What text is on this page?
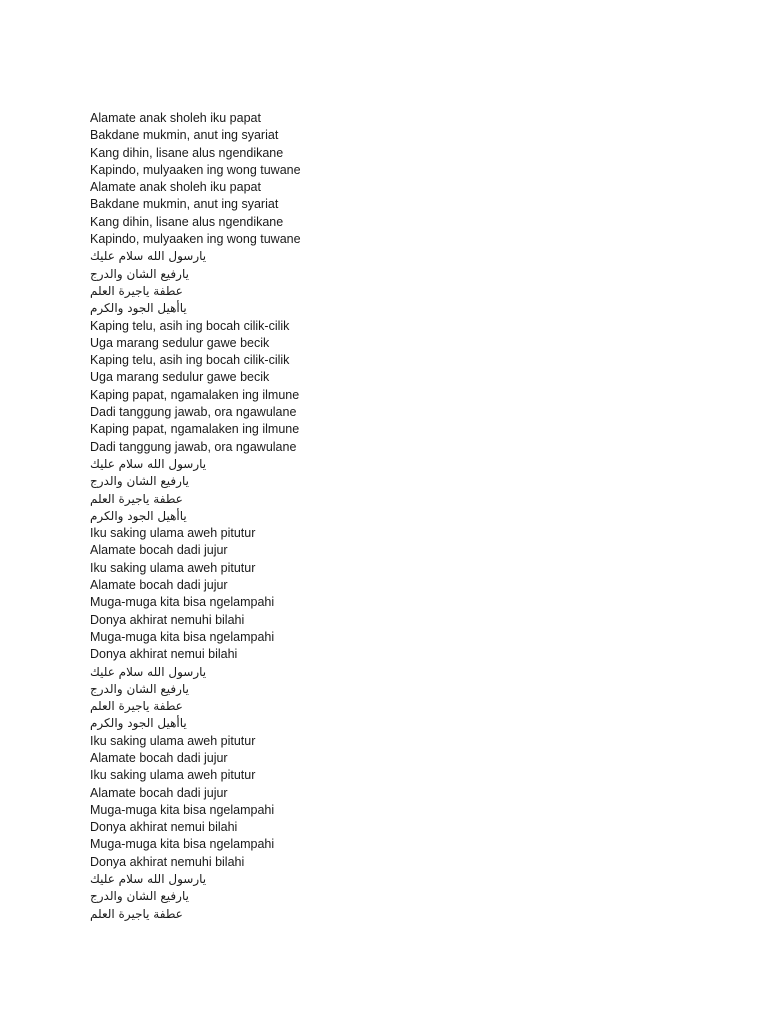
Alamate anak sholeh iku papat
Bakdane mukmin, anut ing syariat
Kang dihin, lisane alus ngendikane
Kapindo, mulyaaken ing wong tuwane
Alamate anak sholeh iku papat
Bakdane mukmin, anut ing syariat
Kang dihin, lisane alus ngendikane
Kapindo, mulyaaken ing wong tuwane
يارسول الله سلام عليك
يارفيع الشان والدرج
عطفة ياجيرة العلم
ياأهيل الجود والكرم
Kaping telu, asih ing bocah cilik-cilik
Uga marang sedulur gawe becik
Kaping telu, asih ing bocah cilik-cilik
Uga marang sedulur gawe becik
Kaping papat, ngamalaken ing ilmune
Dadi tanggung jawab, ora ngawulane
Kaping papat, ngamalaken ing ilmune
Dadi tanggung jawab, ora ngawulane
يارسول الله سلام عليك
يارفيع الشان والدرج
عطفة ياجيرة العلم
ياأهيل الجود والكرم
Iku saking ulama aweh pitutur
Alamate bocah dadi jujur
Iku saking ulama aweh pitutur
Alamate bocah dadi jujur
Muga-muga kita bisa ngelampahi
Donya akhirat nemuhi bilahi
Muga-muga kita bisa ngelampahi
Donya akhirat nemui bilahi
يارسول الله سلام عليك
يارفيع الشان والدرج
عطفة ياجيرة العلم
ياأهيل الجود والكرم
Iku saking ulama aweh pitutur
Alamate bocah dadi jujur
Iku saking ulama aweh pitutur
Alamate bocah dadi jujur
Muga-muga kita bisa ngelampahi
Donya akhirat nemui bilahi
Muga-muga kita bisa ngelampahi
Donya akhirat nemuhi bilahi
يارسول الله سلام عليك
يارفيع الشان والدرج
عطفة ياجيرة العلم
